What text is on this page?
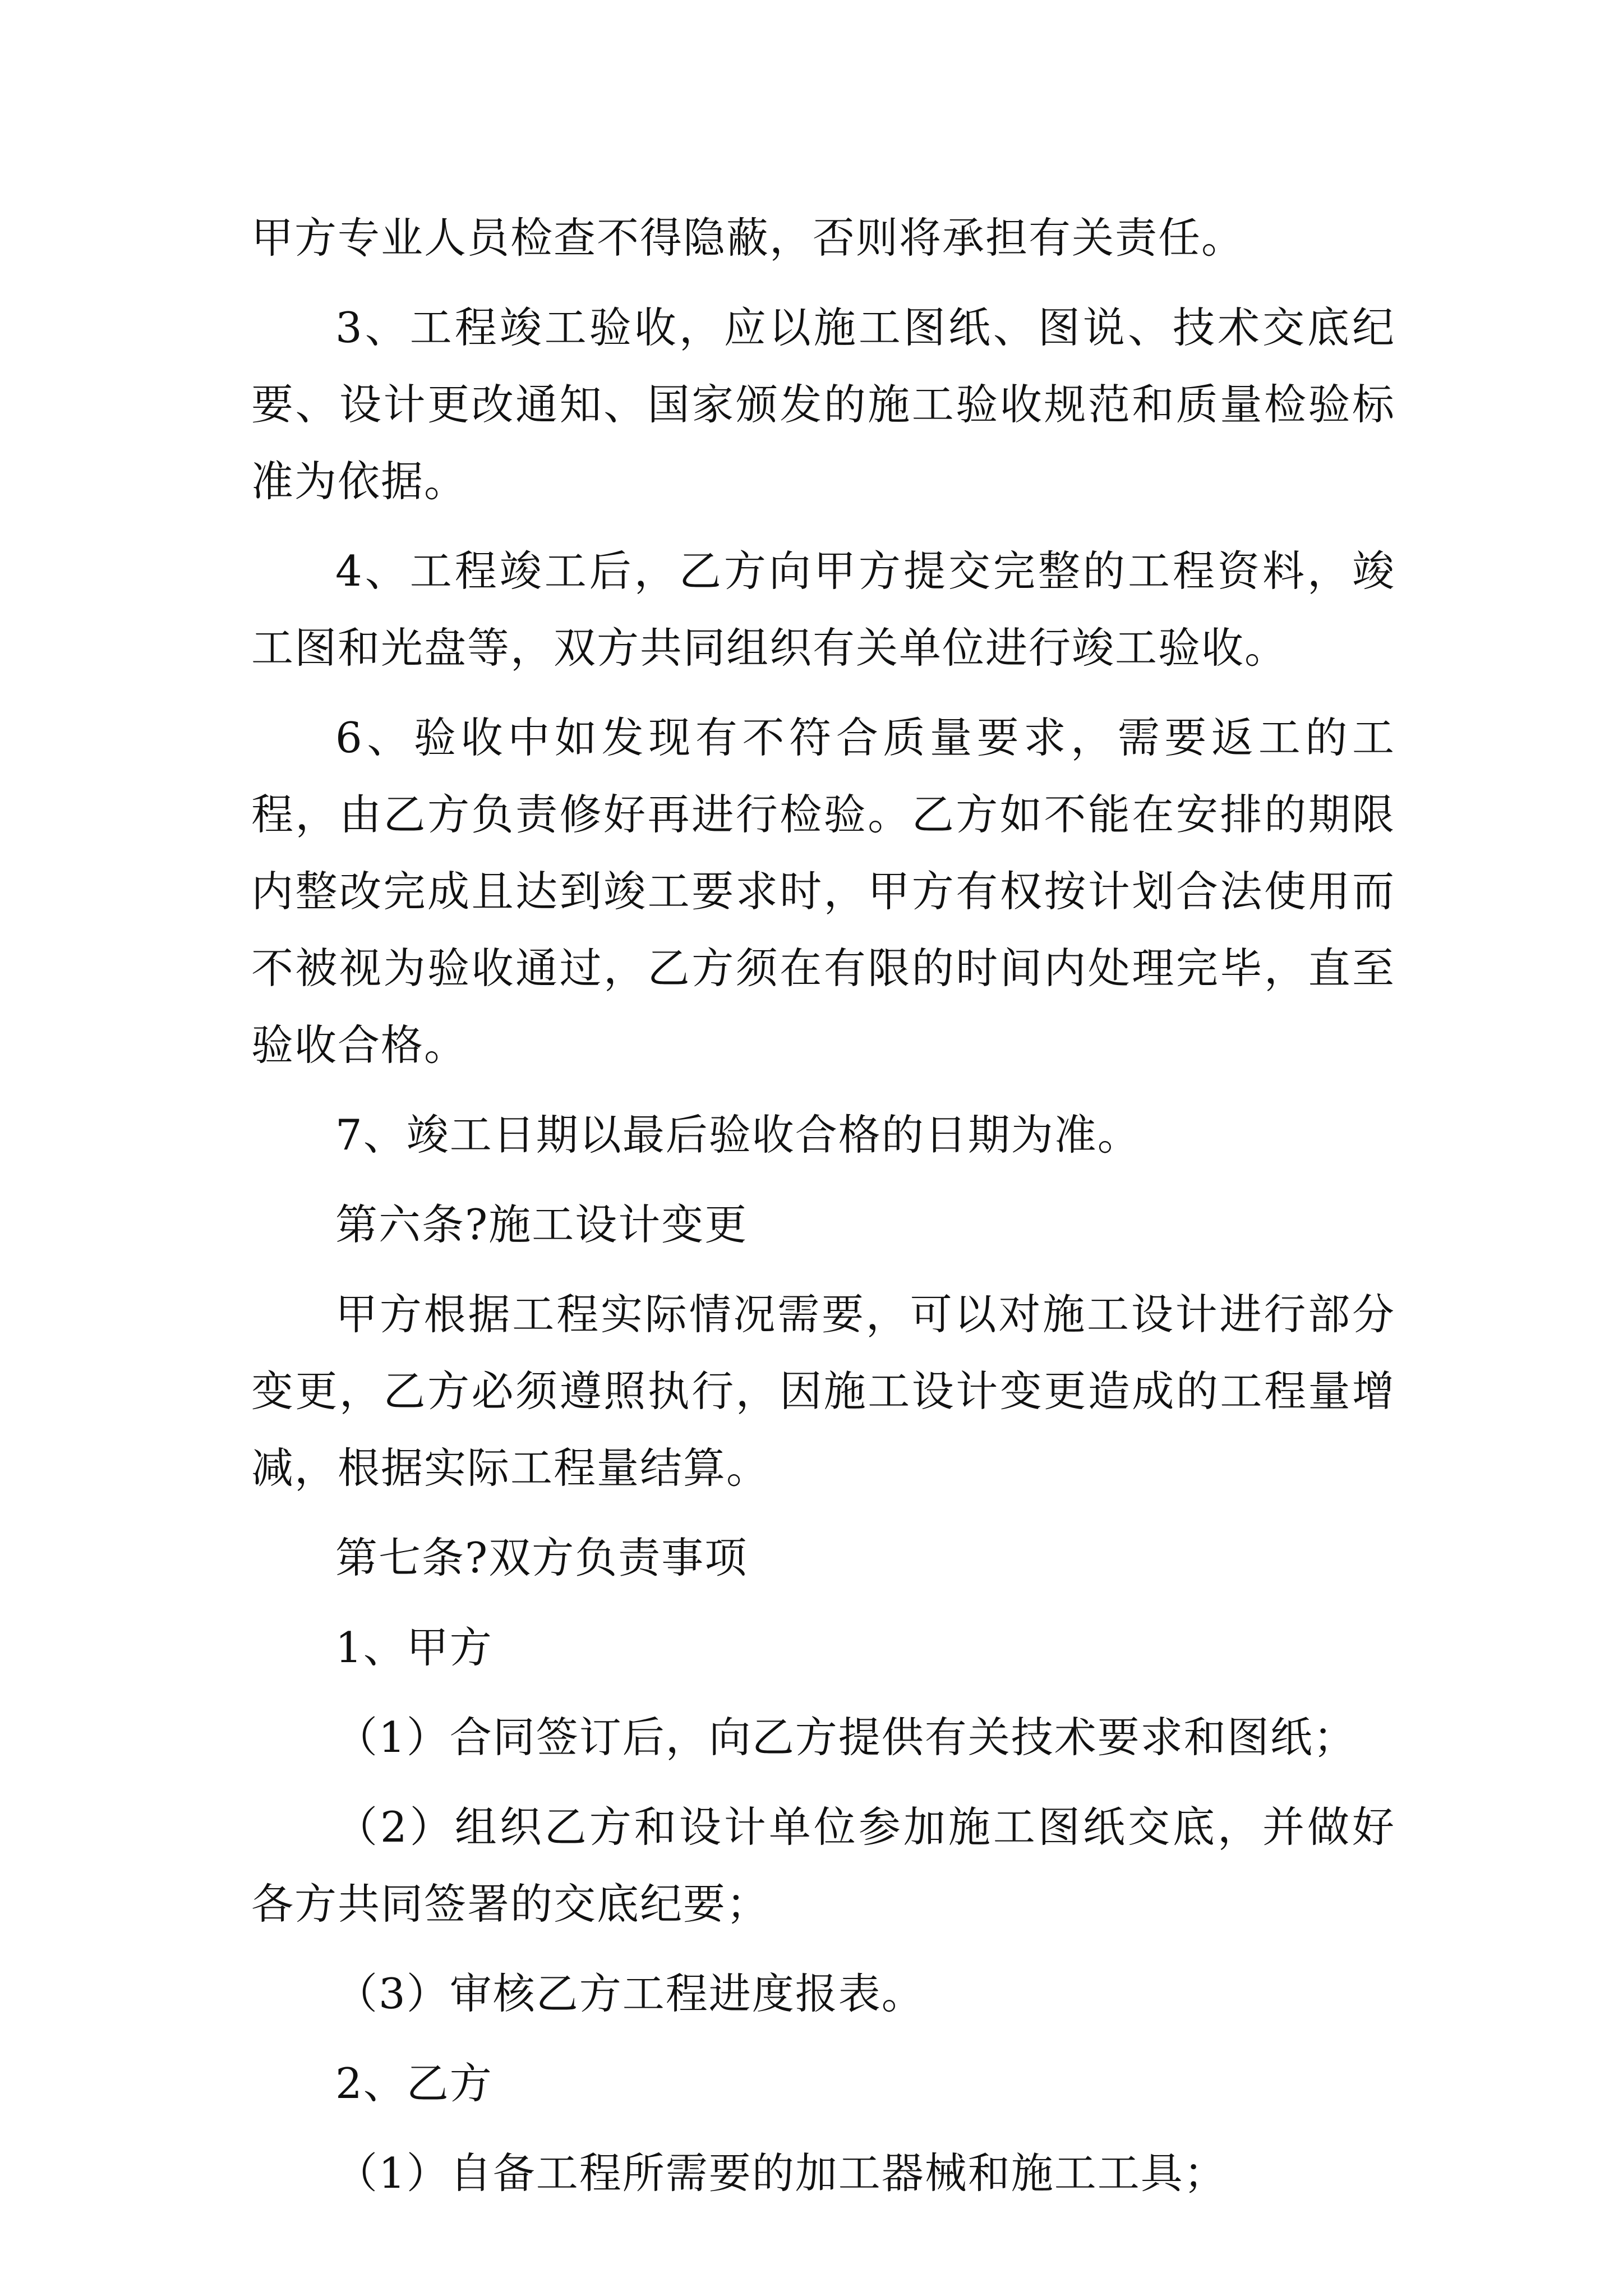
甲方专业人员检查不得隐蔽，否则将承担有关责任。

3、工程竣工验收，应以施工图纸、图说、技术交底纪要、设计更改通知、国家颁发的施工验收规范和质量检验标准为依据。

4、工程竣工后，乙方向甲方提交完整的工程资料，竣工图和光盘等，双方共同组织有关单位进行竣工验收。

6、验收中如发现有不符合质量要求，需要返工的工程，由乙方负责修好再进行检验。乙方如不能在安排的期限内整改完成且达到竣工要求时，甲方有权按计划合法使用而不被视为验收通过，乙方须在有限的时间内处理完毕，直至验收合格。

7、竣工日期以最后验收合格的日期为准。

第六条?施工设计变更

甲方根据工程实际情况需要，可以对施工设计进行部分变更，乙方必须遵照执行，因施工设计变更造成的工程量增减，根据实际工程量结算。

第七条?双方负责事项

1、甲方

（1）合同签订后，向乙方提供有关技术要求和图纸；

（2）组织乙方和设计单位参加施工图纸交底，并做好各方共同签署的交底纪要；

（3）审核乙方工程进度报表。

2、乙方

（1）自备工程所需要的加工器械和施工工具；
